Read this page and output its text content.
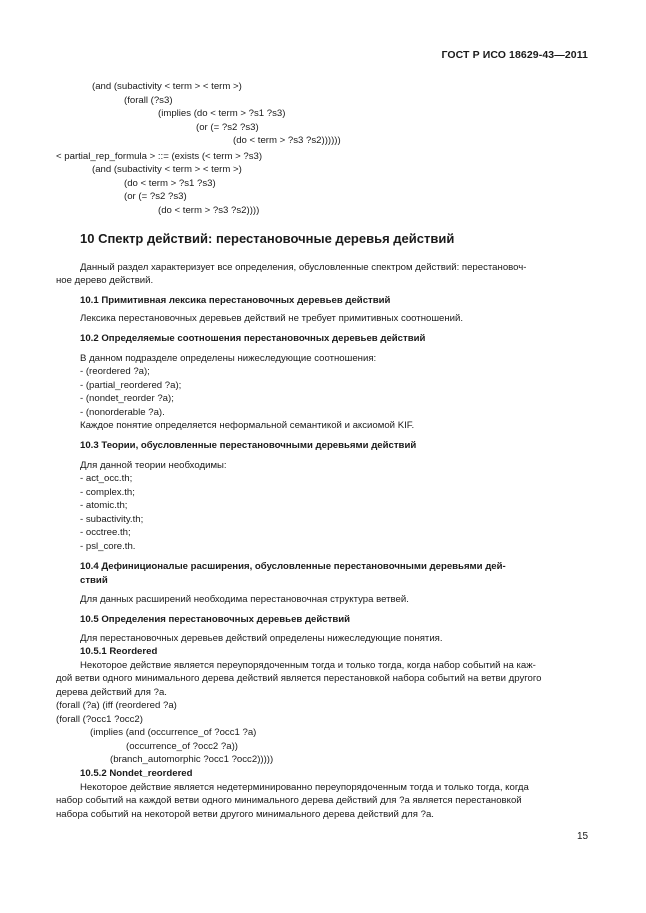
ГОСТ Р ИСО 18629-43—2011
(and (subactivity < term > < term >)
(forall (?s3)
(implies (do < term > ?s1 ?s3)
(or (= ?s2 ?s3)
(do < term > ?s3 ?s2))))))
< partial_rep_formula > ::= (exists (< term > ?s3)
(and (subactivity < term > < term >)
(do < term > ?s1 ?s3)
(or (= ?s2 ?s3)
(do < term > ?s3 ?s2))))
10 Спектр действий: перестановочные деревья действий
Данный раздел характеризует все определения, обусловленные спектром действий: перестановоч-
ное дерево действий.
10.1 Примитивная лексика перестановочных деревьев действий
Лексика перестановочных деревьев действий не требует примитивных соотношений.
10.2 Определяемые соотношения перестановочных деревьев действий
В данном подразделе определены нижеследующие соотношения:
- (reordered ?a);
- (partial_reordered ?a);
- (nondet_reorder ?a);
- (nonorderable ?a).
Каждое понятие определяется неформальной семантикой и аксиомой KIF.
10.3 Теории, обусловленные перестановочными деревьями действий
Для данной теории необходимы:
- act_occ.th;
- complex.th;
- atomic.th;
- subactivity.th;
- occtree.th;
- psl_core.th.
10.4 Дефиниционалые расширения, обусловленные перестановочными деревьями дей-
ствий
Для данных расширений необходима перестановочная структура ветвей.
10.5 Определения перестановочных деревьев действий
Для перестановочных деревьев действий определены нижеследующие понятия.
10.5.1 Reordered
Некоторое действие является переупорядоченным тогда и только тогда, когда набор событий на каж-
дой ветви одного минимального дерева действий является перестановкой набора событий на ветви другого
дерева действий для ?a.
(forall (?a) (iff (reordered ?a)
(forall (?occ1 ?occ2)
(implies (and (occurrence_of ?occ1 ?a)
(occurrence_of ?occ2 ?a))
(branch_automorphic ?occ1 ?occ2)))))
10.5.2 Nondet_reordered
Некоторое действие является недетерминированно переупорядоченным тогда и только тогда, когда
набор событий на каждой ветви одного минимального дерева действий для ?a является перестановкой
набора событий на некоторой ветви другого минимального дерева действий для ?a.
15
